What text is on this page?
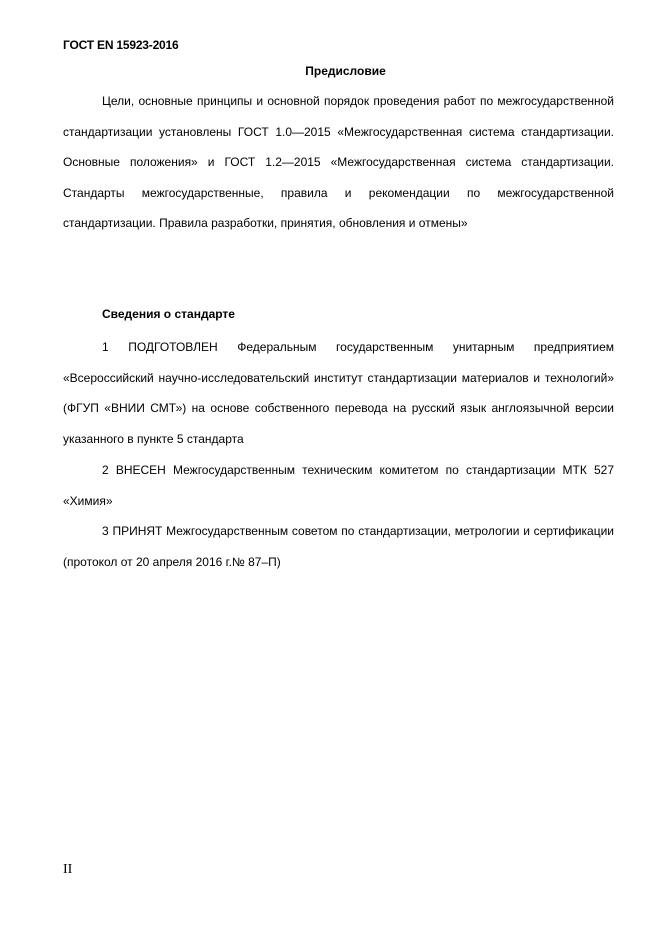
ГОСТ EN 15923-2016
Предисловие

Цели, основные принципы и основной порядок проведения работ по межгосударственной стандартизации установлены ГОСТ 1.0—2015 «Межгосударственная система стандартизации. Основные положения» и ГОСТ 1.2—2015 «Межгосударственная система стандартизации. Стандарты межгосударственные, правила и рекомендации по межгосударственной стандартизации. Правила разработки, принятия, обновления и отмены»

Сведения о стандарте

1 ПОДГОТОВЛЕН Федеральным государственным унитарным предприятием «Всероссийский научно-исследовательский институт стандартизации материалов и технологий» (ФГУП «ВНИИ СМТ») на основе собственного перевода на русский язык англоязычной версии указанного в пункте 5 стандарта

2 ВНЕСЕН Межгосударственным техническим комитетом по стандартизации МТК 527 «Химия»

3 ПРИНЯТ Межгосударственным советом по стандартизации, метрологии и сертификации (протокол от 20 апреля 2016 г.№ 87–П)

II
